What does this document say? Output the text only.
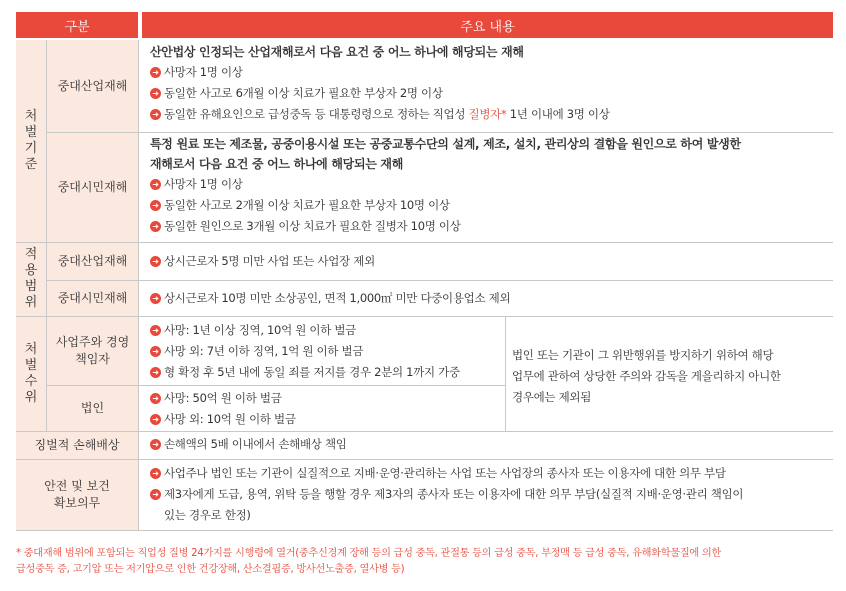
구분	주요 내용
처
벌
기
준
적
용
범
위
처
벌
수
위
중대산업재해
중대시민재해
중대산업재해
중대시민재해
사업주와 경영
책임자
법인
징벌적 손해배상
안전 및 보건
확보의무
산안법상 인정되는 산업재해로서 다음 요건 중 어느 하나에 해당되는 재해
➜ 사망자 1명 이상
➜ 동일한 사고로 6개월 이상 치료가 필요한 부상자 2명 이상
➜ 동일한 유해요인으로 급성중독 등 대통령령으로 정하는 직업성 질병자* 1년 이내에 3명 이상
특정 원료 또는 제조물, 공중이용시설 또는 공중교통수단의 설계, 제조, 설치, 관리상의 결함을 원인으로 하여 발생한
재해로서 다음 요건 중 어느 하나에 해당되는 재해
➜ 사망자 1명 이상
➜ 동일한 사고로 2개월 이상 치료가 필요한 부상자 10명 이상
➜ 동일한 원인으로 3개월 이상 치료가 필요한 질병자 10명 이상
➜ 상시근로자 5명 미만 사업 또는 사업장 제외
➜ 상시근로자 10명 미만 소상공인, 면적 1,000㎡ 미만 다중이용업소 제외
➜ 사망: 1년 이상 징역, 10억 원 이하 벌금
➜ 사망 외: 7년 이하 징역, 1억 원 이하 벌금
➜ 형 확정 후 5년 내에 동일 죄를 저지를 경우 2분의 1까지 가중
➜ 사망: 50억 원 이하 벌금
➜ 사망 외: 10억 원 이하 벌금
법인 또는 기관이 그 위반행위를 방지하기 위하여 해당
업무에 관하여 상당한 주의와 감독을 게을리하지 아니한
경우에는 제외됨
➜ 손해액의 5배 이내에서 손해배상 책임
➜ 사업주나 법인 또는 기관이 실질적으로 지배·운영·관리하는 사업 또는 사업장의 종사자 또는 이용자에 대한 의무 부담
➜ 제3자에게 도급, 용역, 위탁 등을 행할 경우 제3자의 종사자 또는 이용자에 대한 의무 부담(실질적 지배·운영·관리 책임이
있는 경우로 한정)
* 중대재해 범위에 포함되는 직업성 질병 24가지를 시행령에 열거(중추신경계 장해 등의 급성 중독, 관절통 등의 급성 중독, 부정맥 등 급성 중독, 유해화학물질에 의한
급성중독 증, 고기압 또는 저기압으로 인한 건강장해, 산소결핍증, 방사선노출증, 열사병 등)
